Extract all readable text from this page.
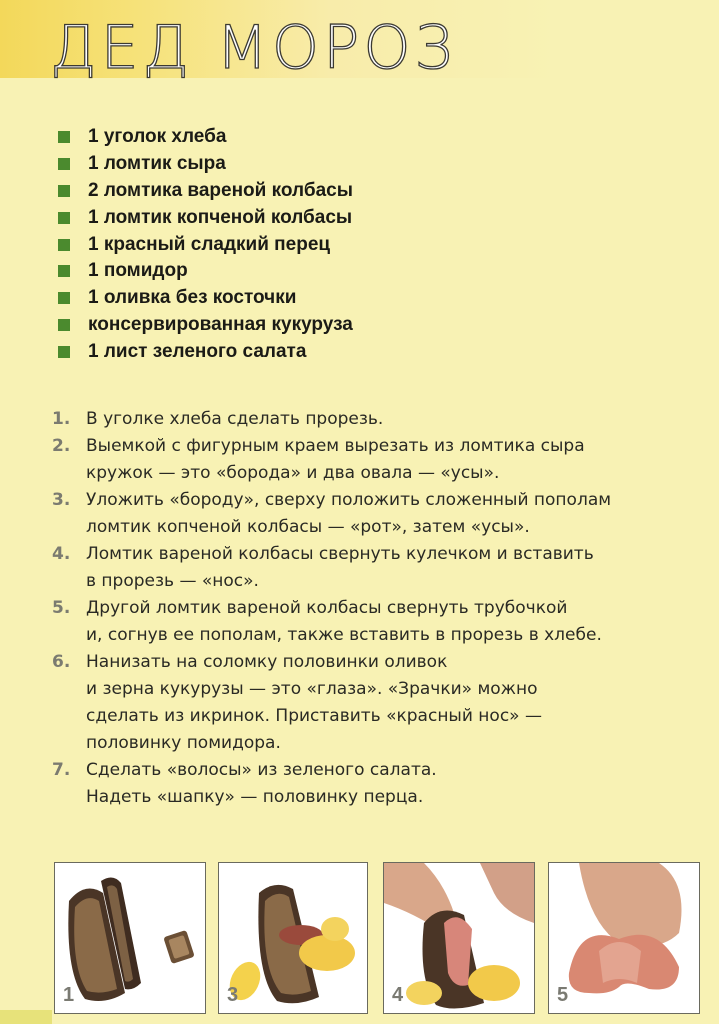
ДЕД МОРОЗ
1 уголок хлеба
1 ломтик сыра
2 ломтика вареной колбасы
1 ломтик копченой колбасы
1 красный сладкий перец
1 помидор
1 оливка без косточки
консервированная кукуруза
1 лист зеленого салата
1. В уголке хлеба сделать прорезь.
2. Выемкой с фигурным краем вырезать из ломтика сыра
кружок — это «борода» и два овала — «усы».
3. Уложить «бороду», сверху положить сложенный пополам
ломтик копченой колбасы — «рот», затем «усы».
4. Ломтик вареной колбасы свернуть кулечком и вставить
в прорезь — «нос».
5. Другой ломтик вареной колбасы свернуть трубочкой
и, согнув ее пополам, также вставить в прорезь в хлебе.
6. Нанизать на соломку половинки оливок
и зерна кукурузы — это «глаза». «Зрачки» можно
сделать из икринок. Приставить «красный нос» —
половинку помидора.
7. Сделать «волосы» из зеленого салата.
Надеть «шапку» — половинку перца.
1	3	4	5
